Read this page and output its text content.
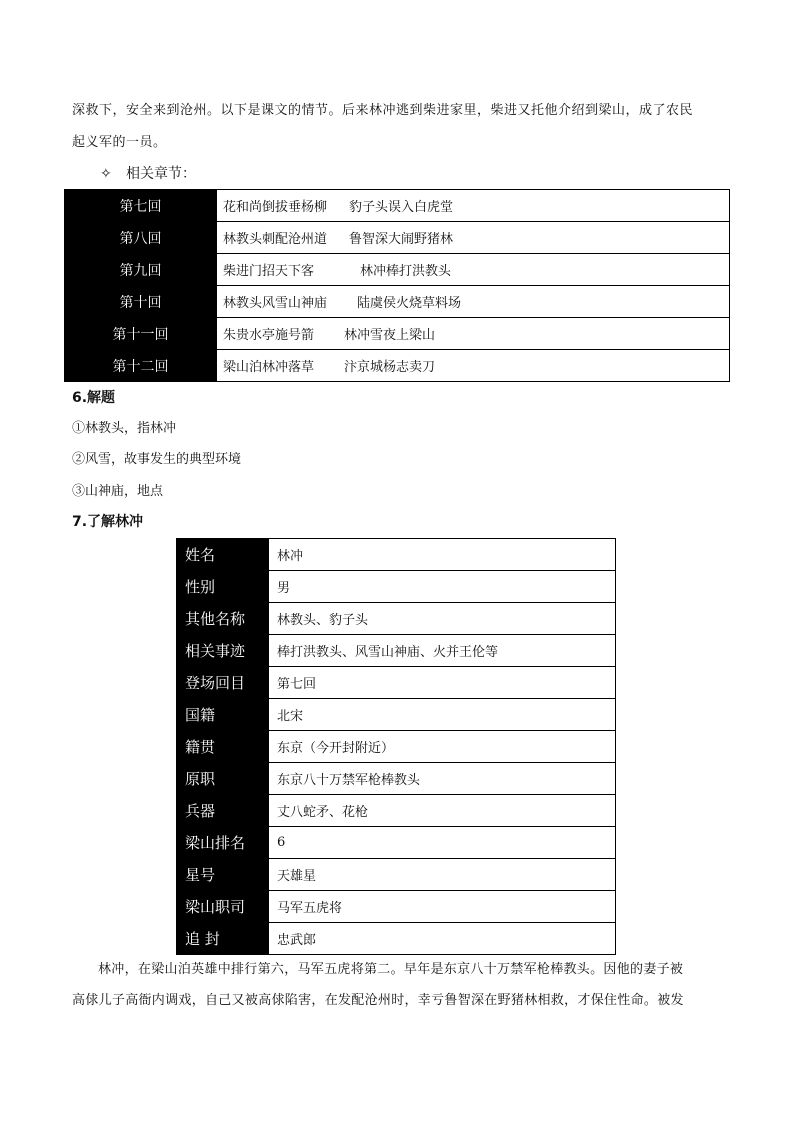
深救下，安全来到沧州。以下是课文的情节。后来林冲逃到柴进家里，柴进又托他介绍到梁山，成了农民
起义军的一员。
✧ 相关章节：
第七回	花和尚倒拔垂杨柳 豹子头误入白虎堂
第八回	林教头刺配沧州道 鲁智深大闹野猪林
第九回	柴进门招天下客 林冲棒打洪教头
第十回	林教头风雪山神庙 陆虞侯火烧草料场
第十一回	朱贵水亭施号箭 林冲雪夜上梁山
第十二回	梁山泊林冲落草 汴京城杨志卖刀
6.解题
①林教头，指林冲
②风雪，故事发生的典型环境
③山神庙，地点
7.了解林冲
姓名	林冲
性别	男
其他名称	林教头、豹子头
相关事迹	棒打洪教头、风雪山神庙、火并王伦等
登场回目	第七回
国籍	北宋
籍贯	东京（今开封附近）
原职	东京八十万禁军枪棒教头
兵器	丈八蛇矛、花枪
梁山排名	6
星号	天雄星
梁山职司	马军五虎将
追 封	忠武郎
林冲，在梁山泊英雄中排行第六，马军五虎将第二。早年是东京八十万禁军枪棒教头。因他的妻子被
高俅儿子高衙内调戏，自己又被高俅陷害，在发配沧州时，幸亏鲁智深在野猪林相救，才保住性命。被发
